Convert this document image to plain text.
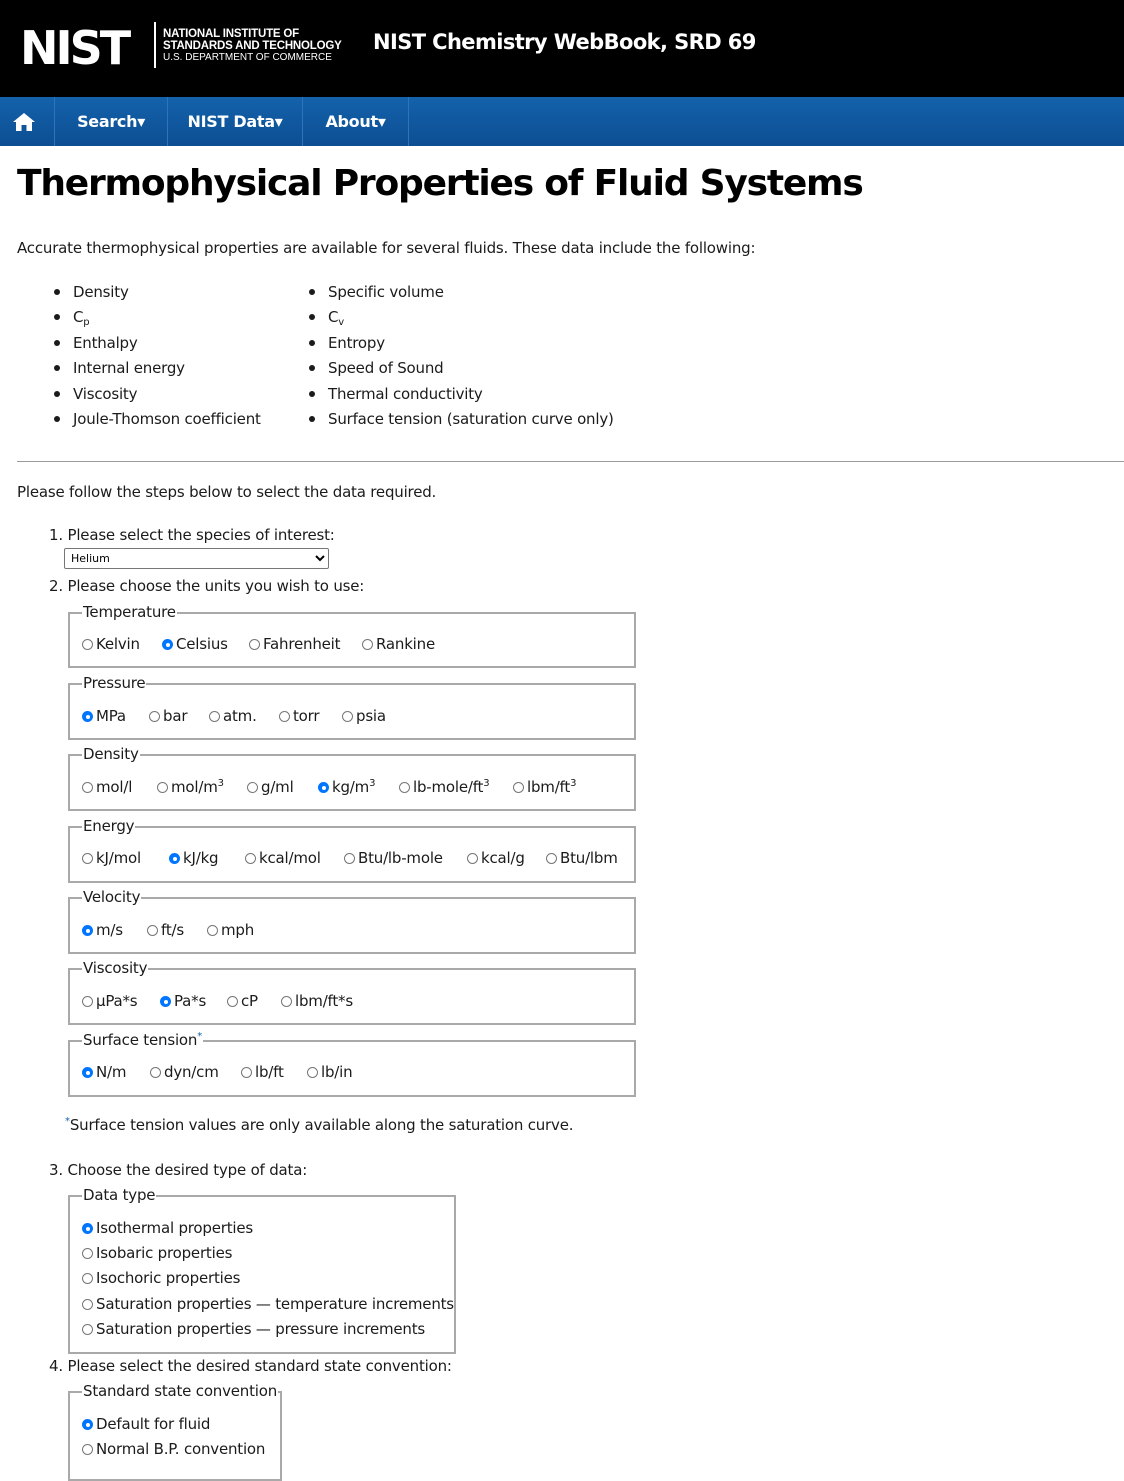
NIST	NATIONAL INSTITUTE OF
STANDARDS AND TECHNOLOGY
U.S. DEPARTMENT OF COMMERCE
NIST Chemistry WebBook, SRD 69
Search▾	NIST Data▾	About▾
Thermophysical Properties of Fluid Systems
Accurate thermophysical properties are available for several fluids. These data include the following:
Density
$C_p$
Enthalpy
Internal energy
Viscosity
Joule-Thomson coefficient
Specific volume
$C_v$
Entropy
Speed of Sound
Thermal conductivity
Surface tension (saturation curve only)
Please follow the steps below to select the data required.
1. Please select the species of interest:
Helium
2. Please choose the units you wish to use:
Temperature
Kelvin	Celsius	Fahrenheit	Rankine
Pressure
MPa	bar	atm.	torr	psia
Density
mol/l	mol/$m^3$	g/ml	$kg/m^3$	$lb-mole/ft^3$	lbm/$ft^3$
Energy
kJ/mol	kJ/kg	kcal/mol	Btu/lb-mole	kcal/g	Btu/lbm
Velocity
m/s	ft/s	mph
Viscosity
µPa*s	Pa*s	cP	lbm/ft*s
Surface tension*
N/m	dyn/cm	lb/ft	lb/in
*Surface tension values are only available along the saturation curve.
3. Choose the desired type of data:
Data type
Isothermal properties
Isobaric properties
Isochoric properties
Saturation properties — temperature increments
Saturation properties — pressure increments
4. Please select the desired standard state convention:
Standard state convention
Default for fluid
Normal B.P. convention
